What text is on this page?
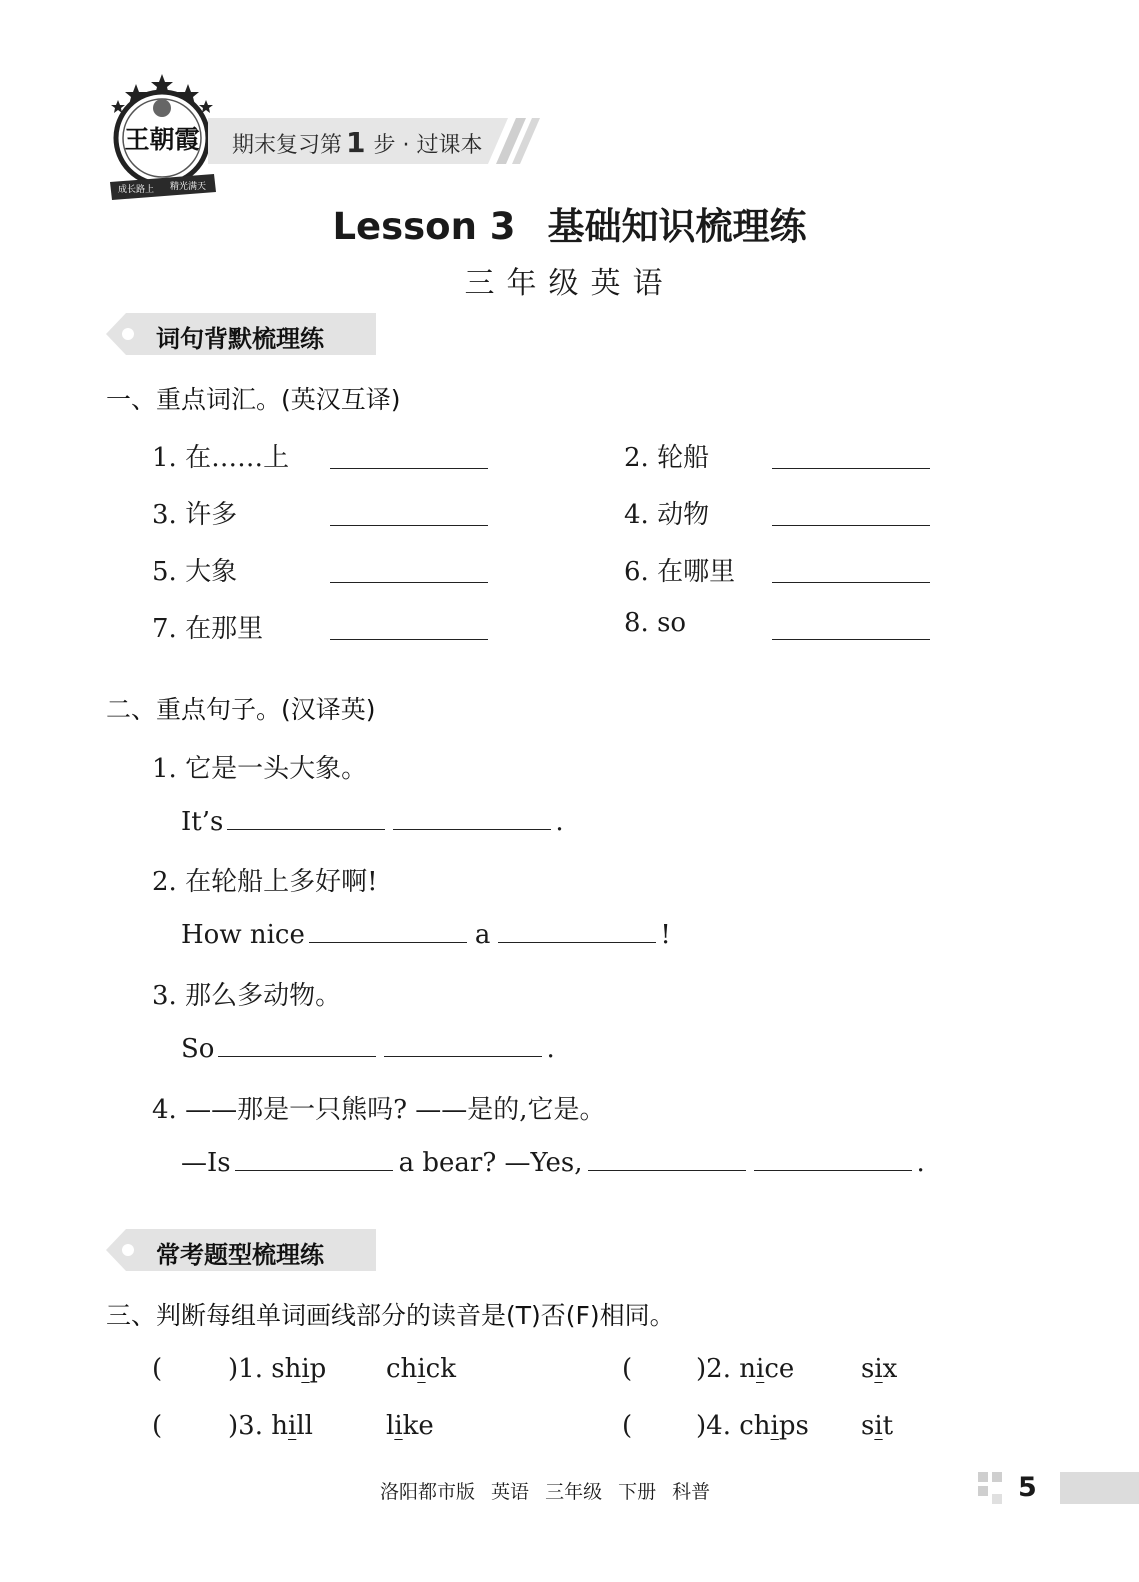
王朝霞
成长路上 精光满天
期末复习第 1 步 · 过课本
Lesson 3 基础知识梳理练
三年级英语
词句背默梳理练
一、重点词汇。(英汉互译)
1. 在……上	2. 轮船
3. 许多	4. 动物
5. 大象	6. 在哪里
7. 在那里	8. so
二、重点句子。(汉译英)
1. 它是一头大象。
It’s	.
2. 在轮船上多好啊!
How nice	a	!
3. 那么多动物。
So	.
4. ——那是一只熊吗? ——是的,它是。
—Is	a bear? —Yes,	.
常考题型梳理练
三、判断每组单词画线部分的读音是(T)否(F)相同。
(	)1. ship chick	( )2. nice	six
(	)3. hill	like	( )4. chips sit
洛阳都市版 英语 三年级 下册 科普	5
